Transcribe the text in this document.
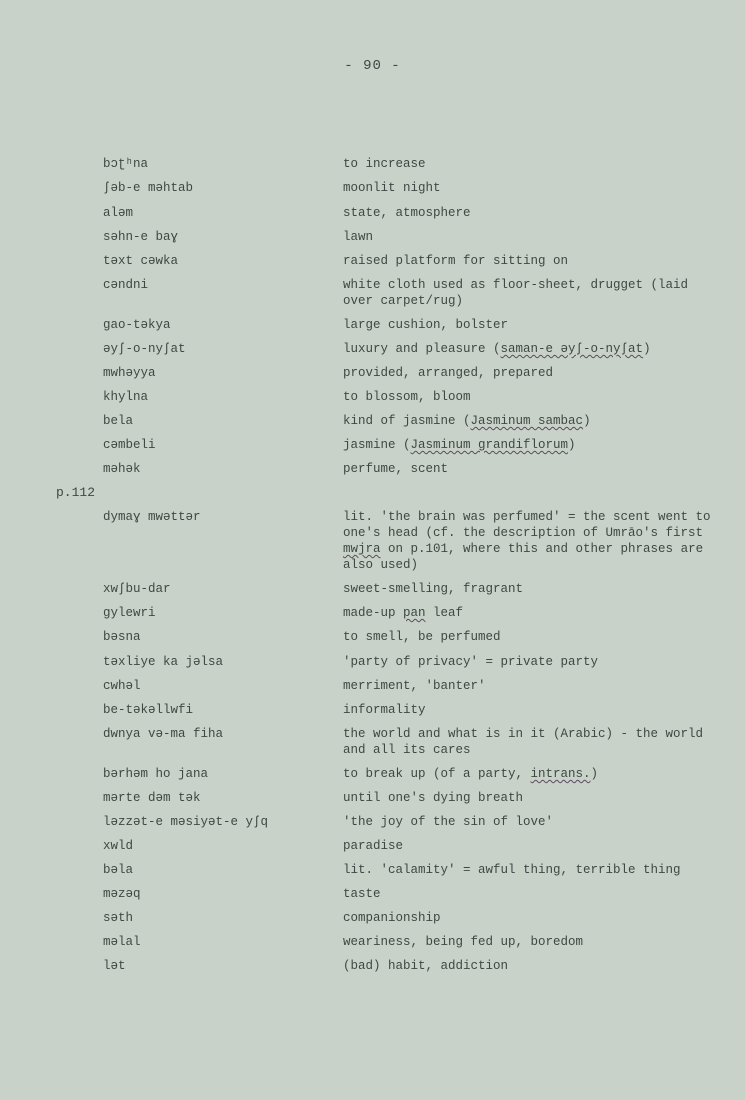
- 90 -
p.112
bᴐʈʰna	to increase
ʃəb-e məhtab	moonlit night
aləm	state, atmosphere
səhn-e baɣ	lawn
təxt cəwka	raised platform for sitting on
cəndni	white cloth used as floor-sheet, drugget (laid over carpet/rug)
gao-təkya	large cushion, bolster
əyʃ-o-nyʃat	luxury and pleasure (saman-e əyʃ-o-nyʃat)
mwhəyya	provided, arranged, prepared
khylna	to blossom, bloom
bela	kind of jasmine (Jasminum sambac)
cəmbeli	jasmine (Jasminum grandiflorum)
məhək	perfume, scent
dymaɣ mwəttər	lit. 'the brain was perfumed' = the scent went to one's head (cf. the description of Umrāo's first mwjra on p.101, where this and other phrases are also used)
xwʃbu-dar	sweet-smelling, fragrant
gylewri	made-up pan leaf
bəsna	to smell, be perfumed
təxliye ka jəlsa	'party of privacy' = private party
cwhəl	merriment, 'banter'
be-təkəllwfi	informality
dwnya və-ma fiha	the world and what is in it (Arabic) - the world and all its cares
bərhəm ho jana	to break up (of a party, intrans.)
mərte dəm tək	until one's dying breath
ləzzət-e məsiyət-e yʃq	'the joy of the sin of love'
xwld	paradise
bəla	lit. 'calamity' = awful thing, terrible thing
məzəq	taste
səth	companionship
məlal	weariness, being fed up, boredom
lət	(bad) habit, addiction
